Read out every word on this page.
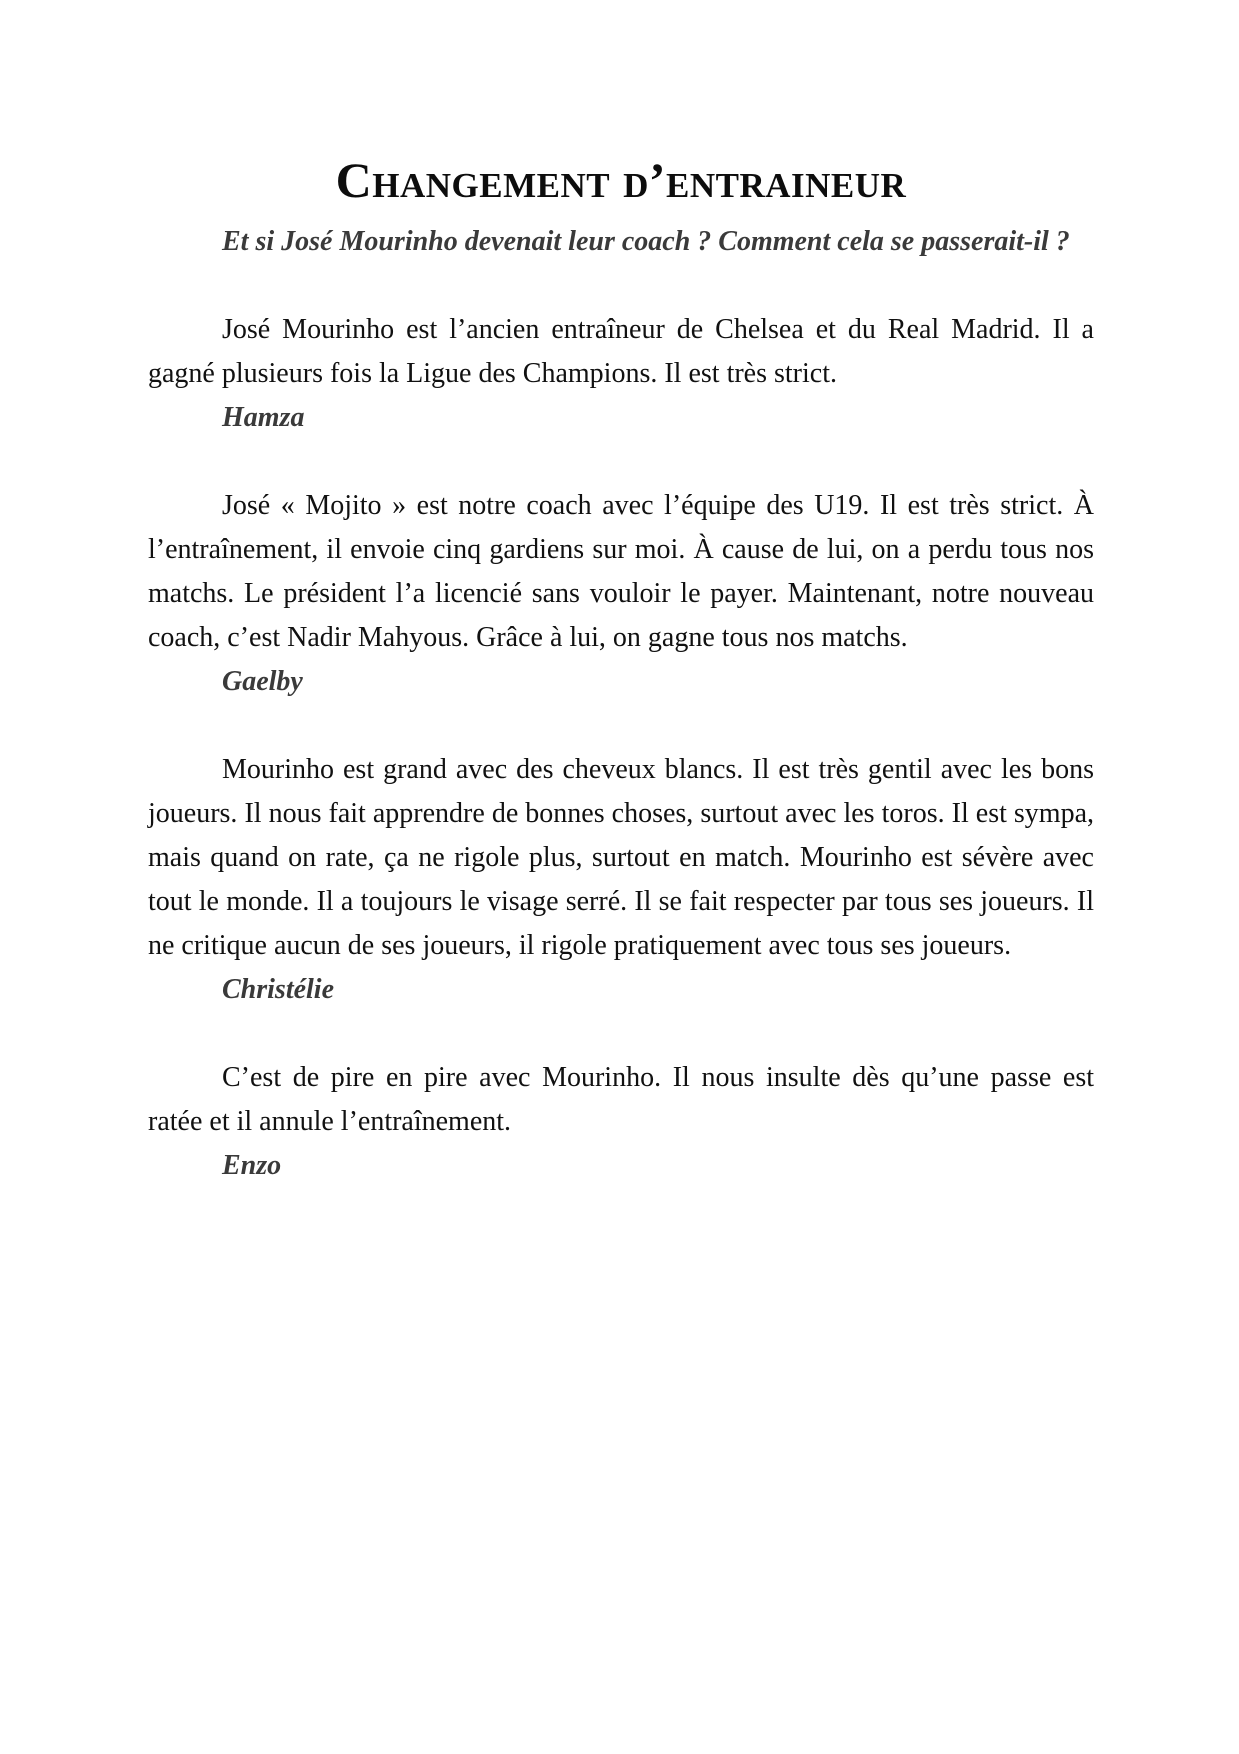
Changement d’entraineur

Et si José Mourinho devenait leur coach ? Comment cela se passerait-il ?

José Mourinho est l’ancien entraîneur de Chelsea et du Real Madrid. Il a gagné plusieurs fois la Ligue des Champions. Il est très strict.

Hamza

José « Mojito » est notre coach avec l’équipe des U19. Il est très strict. À l’entraînement, il envoie cinq gardiens sur moi. À cause de lui, on a perdu tous nos matchs. Le président l’a licencié sans vouloir le payer. Maintenant, notre nouveau coach, c’est Nadir Mahyous. Grâce à lui, on gagne tous nos matchs.

Gaelby

Mourinho est grand avec des cheveux blancs. Il est très gentil avec les bons joueurs. Il nous fait apprendre de bonnes choses, surtout avec les toros. Il est sympa, mais quand on rate, ça ne rigole plus, surtout en match. Mourinho est sévère avec tout le monde. Il a toujours le visage serré. Il se fait respecter par tous ses joueurs. Il ne critique aucun de ses joueurs, il rigole pratiquement avec tous ses joueurs.

Christélie

C’est de pire en pire avec Mourinho. Il nous insulte dès qu’une passe est ratée et il annule l’entraînement.

Enzo
